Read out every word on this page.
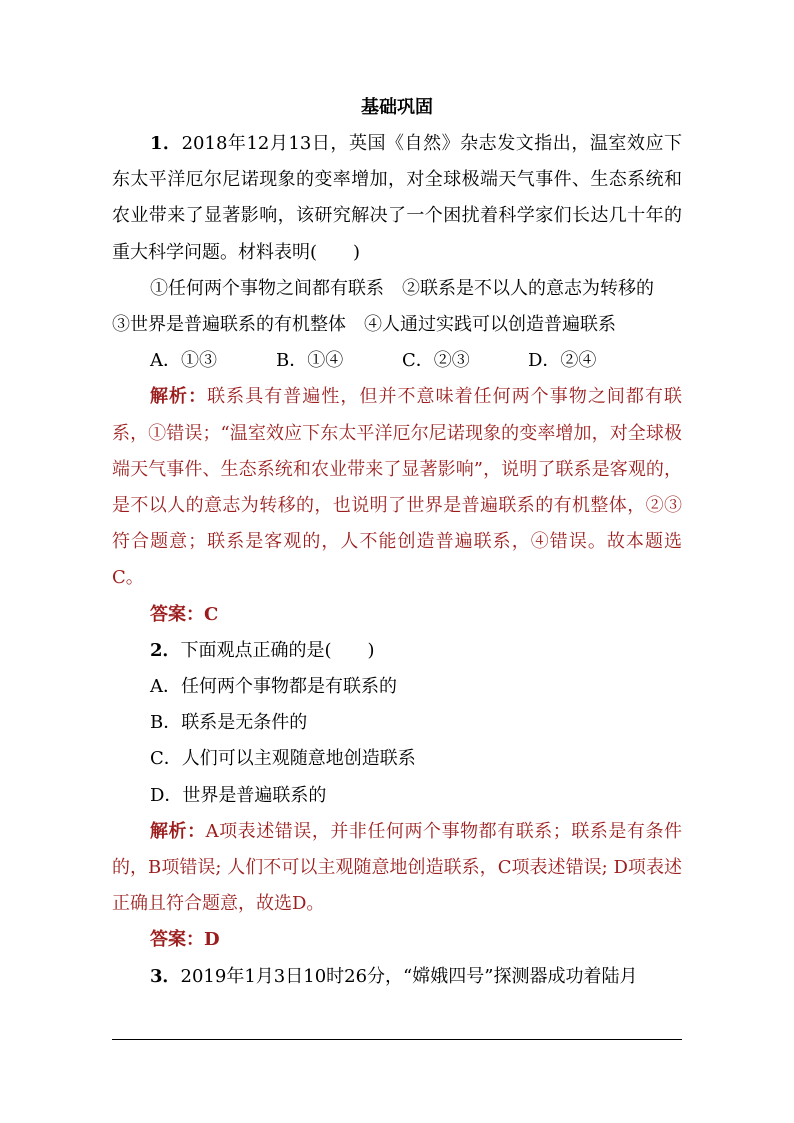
基础巩固

1．2018年12月13日，英国《自然》杂志发文指出，温室效应下东太平洋厄尔尼诺现象的变率增加，对全球极端天气事件、生态系统和农业带来了显著影响，该研究解决了一个困扰着科学家们长达几十年的重大科学问题。材料表明(　　)

①任何两个事物之间都有联系　②联系是不以人的意志为转移的

③世界是普遍联系的有机整体　④人通过实践可以创造普遍联系

A．①③	B．①④	C．②③	D．②④

解析：联系具有普遍性，但并不意味着任何两个事物之间都有联系，①错误；“温室效应下东太平洋厄尔尼诺现象的变率增加，对全球极端天气事件、生态系统和农业带来了显著影响”，说明了联系是客观的，是不以人的意志为转移的，也说明了世界是普遍联系的有机整体，②③符合题意；联系是客观的，人不能创造普遍联系，④错误。故本题选C。

答案：C

2．下面观点正确的是(　　)

A．任何两个事物都是有联系的

B．联系是无条件的

C．人们可以主观随意地创造联系

D．世界是普遍联系的

解析：A项表述错误，并非任何两个事物都有联系；联系是有条件的，B项错误; 人们不可以主观随意地创造联系，C项表述错误; D项表述正确且符合题意，故选D。

答案：D

3．2019年1月3日10时26分，“嫦娥四号”探测器成功着陆月
